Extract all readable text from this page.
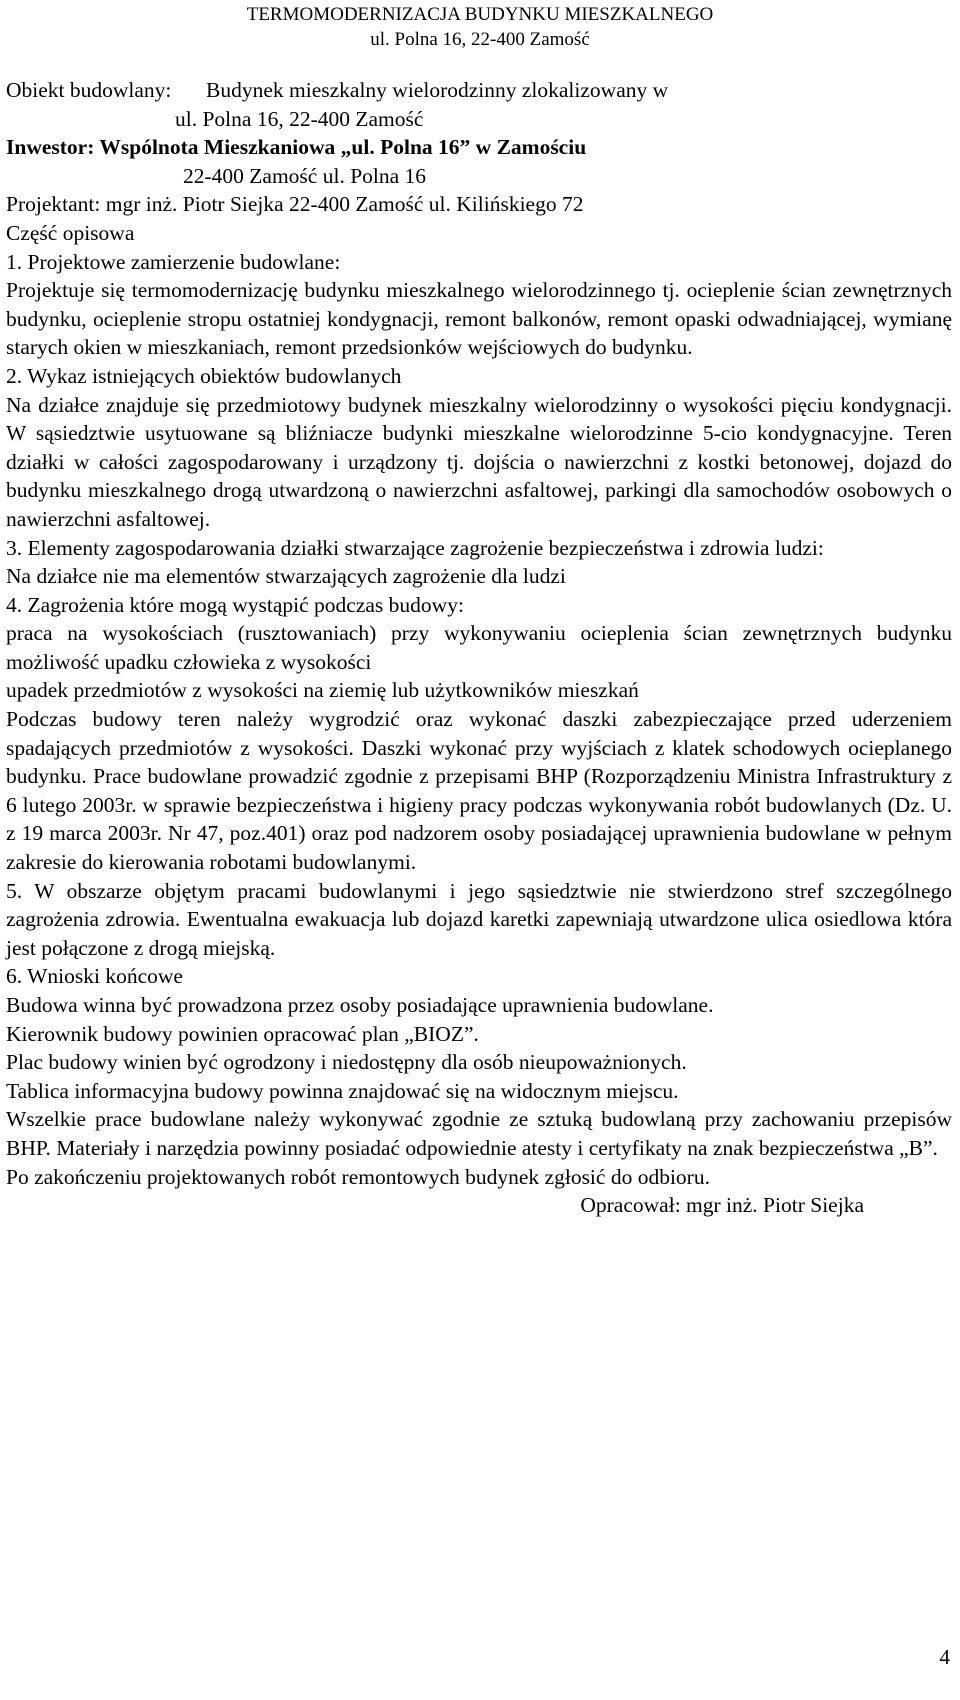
TERMOMODERNIZACJA BUDYNKU MIESZKALNEGO
ul. Polna 16, 22-400 Zamość

Obiekt budowlany: Budynek mieszkalny wielorodzinny zlokalizowany w

ul. Polna 16, 22-400 Zamość

Inwestor: Wspólnota Mieszkaniowa „ul. Polna 16” w Zamościu

22-400 Zamość ul. Polna 16

Projektant: mgr inż. Piotr Siejka 22-400 Zamość ul. Kilińskiego 72

Część opisowa

1. Projektowe zamierzenie budowlane:

Projektuje się termomodernizację budynku mieszkalnego wielorodzinnego tj. ocieplenie ścian zewnętrznych budynku, ocieplenie stropu ostatniej kondygnacji, remont balkonów, remont opaski odwadniającej, wymianę starych okien w mieszkaniach, remont przedsionków wejściowych do budynku.

2. Wykaz istniejących obiektów budowlanych

Na działce znajduje się przedmiotowy budynek mieszkalny wielorodzinny o wysokości pięciu kondygnacji. W sąsiedztwie usytuowane są bliźniacze budynki mieszkalne wielorodzinne 5-cio kondygnacyjne. Teren działki w całości zagospodarowany i urządzony tj. dojścia o nawierzchni z kostki betonowej, dojazd do budynku mieszkalnego drogą utwardzoną o nawierzchni asfaltowej, parkingi dla samochodów osobowych o nawierzchni asfaltowej.

3. Elementy zagospodarowania działki stwarzające zagrożenie bezpieczeństwa i zdrowia ludzi:

Na działce nie ma elementów stwarzających zagrożenie dla ludzi

4. Zagrożenia które mogą wystąpić podczas budowy:

praca na wysokościach (rusztowaniach) przy wykonywaniu ocieplenia ścian zewnętrznych budynku możliwość upadku człowieka z wysokości

upadek przedmiotów z wysokości na ziemię lub użytkowników mieszkań

Podczas budowy teren należy wygrodzić oraz wykonać daszki zabezpieczające przed uderzeniem spadających przedmiotów z wysokości. Daszki wykonać przy wyjściach z klatek schodowych ocieplanego budynku. Prace budowlane prowadzić zgodnie z przepisami BHP (Rozporządzeniu Ministra Infrastruktury z 6 lutego 2003r. w sprawie bezpieczeństwa i higieny pracy podczas wykonywania robót budowlanych (Dz. U. z 19 marca 2003r. Nr 47, poz.401) oraz pod nadzorem osoby posiadającej uprawnienia budowlane w pełnym zakresie do kierowania robotami budowlanymi.

5. W obszarze objętym pracami budowlanymi i jego sąsiedztwie nie stwierdzono stref szczególnego zagrożenia zdrowia. Ewentualna ewakuacja lub dojazd karetki zapewniają utwardzone ulica osiedlowa która jest połączone z drogą miejską.

6. Wnioski końcowe

Budowa winna być prowadzona przez osoby posiadające uprawnienia budowlane.

Kierownik budowy powinien opracować plan „BIOZ”.

Plac budowy winien być ogrodzony i niedostępny dla osób nieupoważnionych.

Tablica informacyjna budowy powinna znajdować się na widocznym miejscu.

Wszelkie prace budowlane należy wykonywać zgodnie ze sztuką budowlaną przy zachowaniu przepisów BHP. Materiały i narzędzia powinny posiadać odpowiednie atesty i certyfikaty na znak bezpieczeństwa „B”.

Po zakończeniu projektowanych robót remontowych budynek zgłosić do odbioru.

Opracował: mgr inż. Piotr Siejka

4
